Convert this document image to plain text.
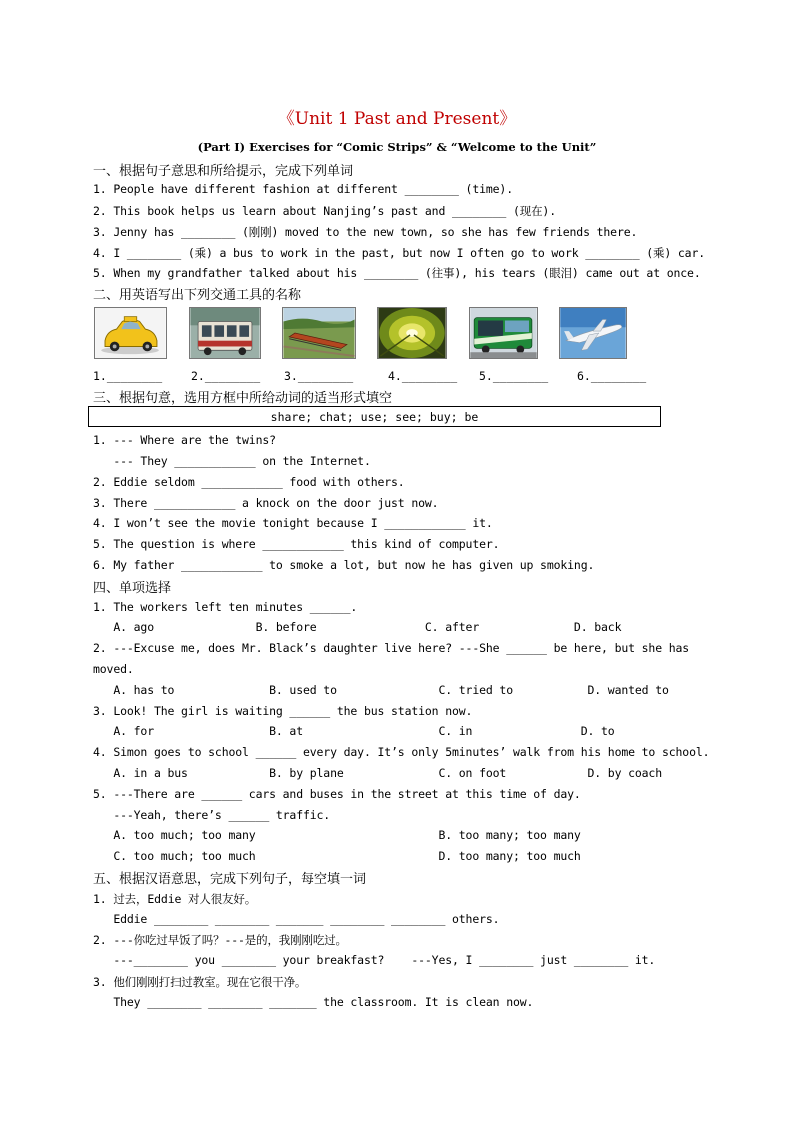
《Unit 1 Past and Present》
(Part I) Exercises for “Comic Strips” & “Welcome to the Unit”
一、根据句子意思和所给提示，完成下列单词
1. People have different fashion at different ________ (time).
2. This book helps us learn about Nanjing’s past and ________ (现在).
3. Jenny has ________ (刚刚) moved to the new town, so she has few friends there.
4. I ________ (乘) a bus to work in the past, but now I often go to work ________ (乘) car.
5. When my grandfather talked about his ________ (往事), his tears (眼泪) came out at once.
二、用英语写出下列交通工具的名称
1.________	2.________ 3.________	4.________ 5.________	6.________
三、根据句意，选用方框中所给动词的适当形式填空
share; chat; use; see; buy; be
1. --- Where are the twins?
--- They ____________ on the Internet.
2. Eddie seldom ____________ food with others.
3. There ____________ a knock on the door just now.
4. I won’t see the movie tonight because I ____________ it.
5. The question is where ____________ this kind of computer.
6. My father ____________ to smoke a lot, but now he has given up smoking.
四、单项选择
1. The workers left ten minutes ______.
A. ago               B. before                C. after              D. back
2. ---Excuse me, does Mr. Black’s daughter live here? ---She ______ be here, but she has
moved.
A. has to              B. used to               C. tried to           D. wanted to
3. Look! The girl is waiting ______ the bus station now.
A. for                 B. at                    C. in                D. to
4. Simon goes to school ______ every day. It’s only 5minutes’ walk from his home to school.
A. in a bus            B. by plane              C. on foot            D. by coach
5. ---There are ______ cars and buses in the street at this time of day.
---Yeah, there’s ______ traffic.
A. too much; too many                           B. too many; too many
C. too much; too much                           D. too many; too much
五、根据汉语意思，完成下列句子，每空填一词
1. 过去，Eddie 对人很友好。
Eddie ________ ________ _______ ________ ________ others.
2. ---你吃过早饭了吗？---是的，我刚刚吃过。
---________ you ________ your breakfast?    ---Yes, I ________ just ________ it.
3. 他们刚刚打扫过教室。现在它很干净。
They ________ ________ _______ the classroom. It is clean now.
